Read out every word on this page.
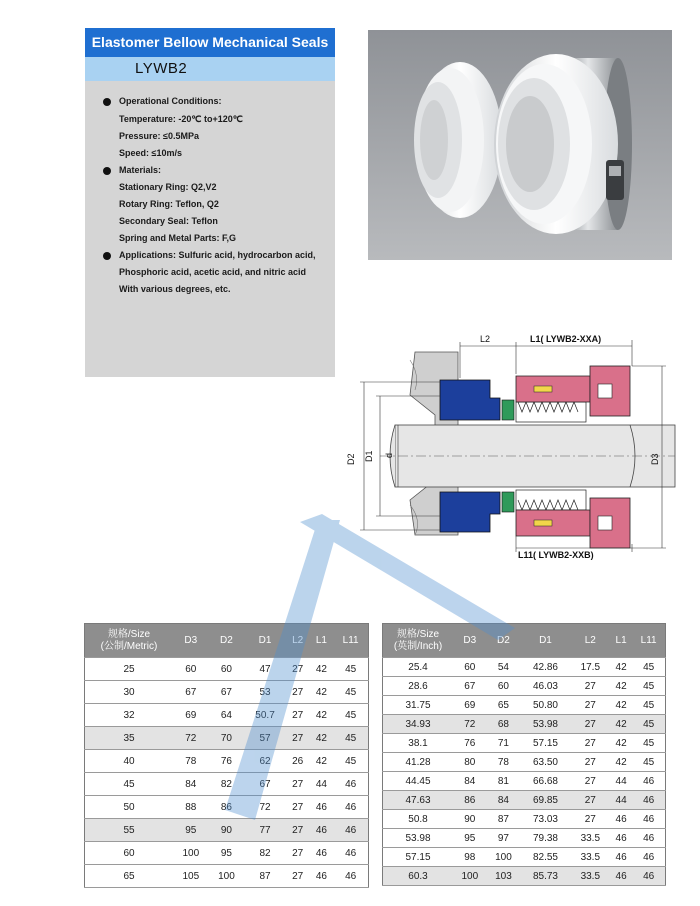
Elastomer Bellow Mechanical Seals
LYWB2
Operational Conditions:
Temperature: -20℃ to+120℃
Pressure: ≤0.5MPa
Speed: ≤10m/s
Materials:
Stationary Ring: Q2,V2
Rotary Ring: Teflon, Q2
Secondary Seal: Teflon
Spring and Metal Parts: F,G
Applications: Sulfuric acid, hydrocarbon acid,
Phosphoric acid, acetic acid, and nitric acid
With various degrees, etc.
L2	L1( LYWB2-XXA)
L11( LYWB2-XXB)
D2 D1 d	D3
规格/Size
(公制/Metric)	D3	D2	D1	L2	L1	L11
25	60	60	47	27	42	45
30	67	67	53	27	42	45
32	69	64	50.7	27	42	45
35	72	70	57	27	42	45
40	78	76	62	26	42	45
45	84	82	67	27	44	46
50	88	86	72	27	46	46
55	95	90	77	27	46	46
60	100	95	82	27	46	46
65	105	100	87	27	46	46
规格/Size
(英制/Inch)	D3	D2	D1	L2	L1	L11
25.4	60	54	42.86	17.5	42	45
28.6	67	60	46.03	27	42	45
31.75	69	65	50.80	27	42	45
34.93	72	68	53.98	27	42	45
38.1	76	71	57.15	27	42	45
41.28	80	78	63.50	27	42	45
44.45	84	81	66.68	27	44	46
47.63	86	84	69.85	27	44	46
50.8	90	87	73.03	27	46	46
53.98	95	97	79.38	33.5	46	46
57.15	98	100	82.55	33.5	46	46
60.3	100	103	85.73	33.5	46	46
